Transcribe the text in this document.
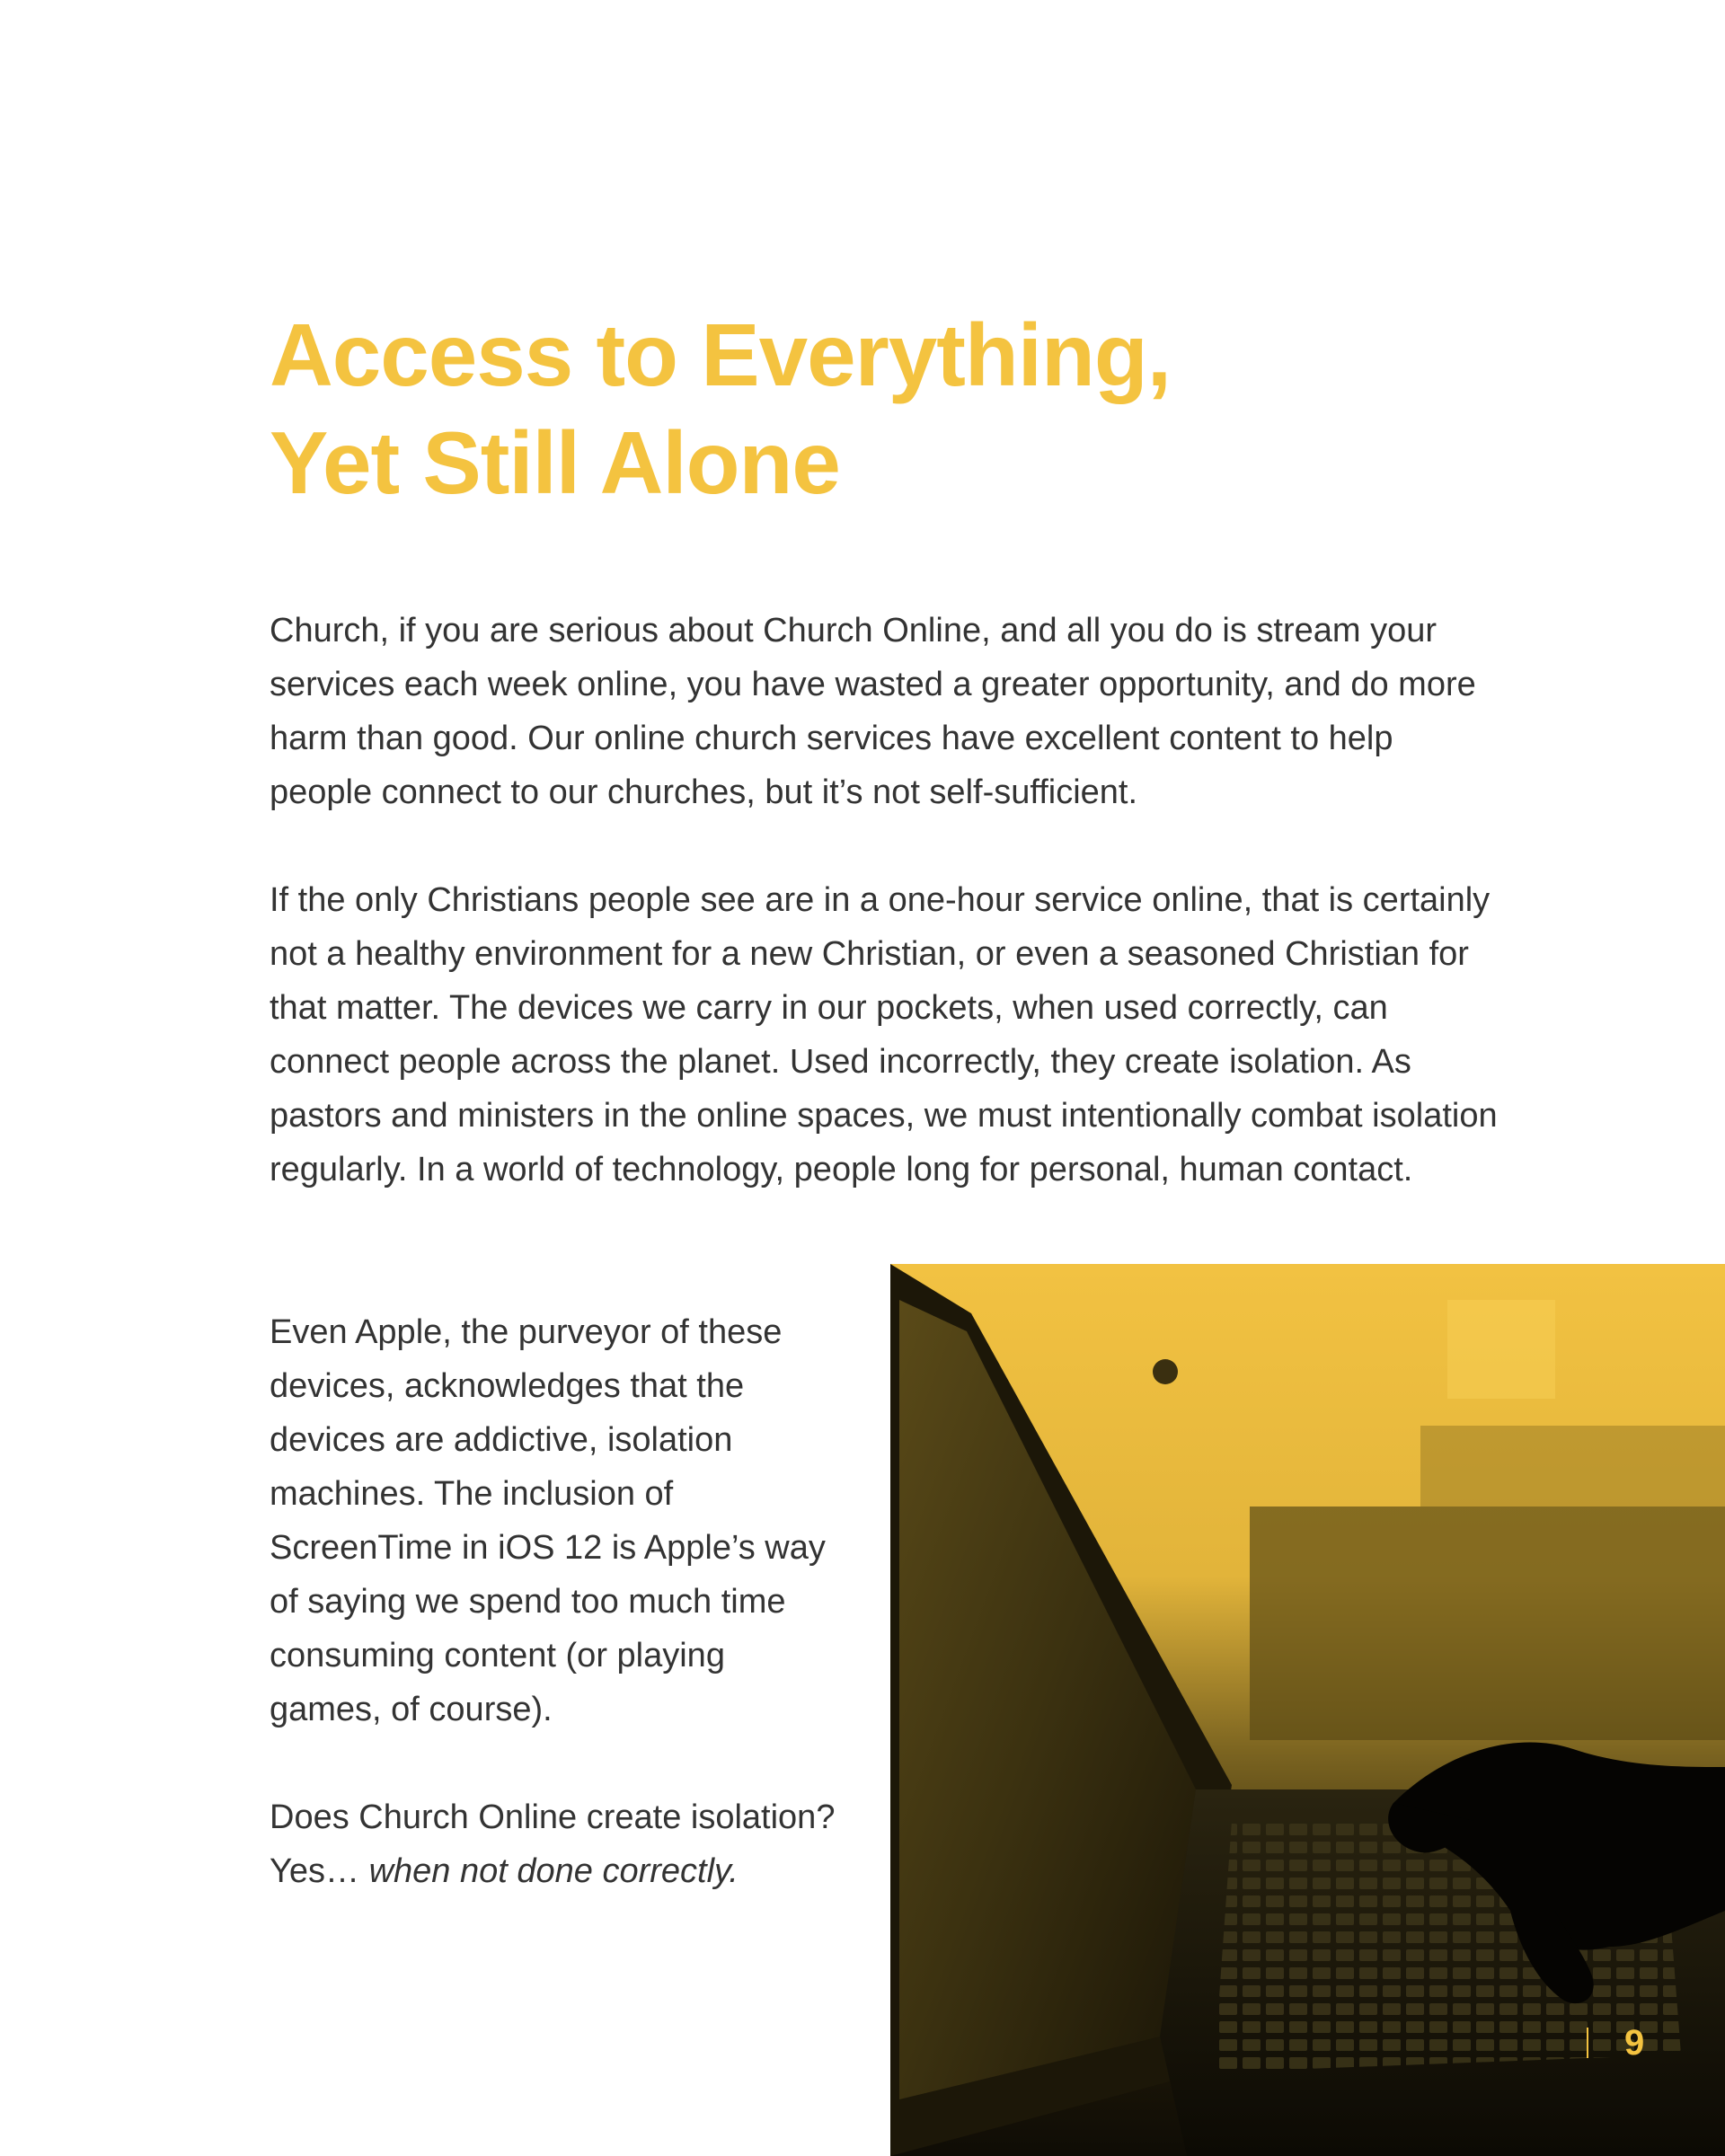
Access to Everything,
Yet Still Alone

Church, if you are serious about Church Online, and all you do is stream your services each week online, you have wasted a greater opportunity, and do more harm than good. Our online church services have excellent content to help people connect to our churches, but it’s not self-sufficient.

If the only Christians people see are in a one-hour service online, that is certainly not a healthy environment for a new Christian, or even a seasoned Christian for that matter. The devices we carry in our pockets, when used correctly, can connect people across the planet. Used incorrectly, they create isolation. As pastors and ministers in the online spaces, we must intentionally combat isolation regularly. In a world of technology, people long for personal, human contact.

Even Apple, the purveyor of these devices, acknowledges that the devices are addictive, isolation machines. The inclusion of ScreenTime in iOS 12 is Apple’s way of saying we spend too much time consuming content (or playing games, of course).

Does Church Online create isolation? Yes… when not done correctly.

9
